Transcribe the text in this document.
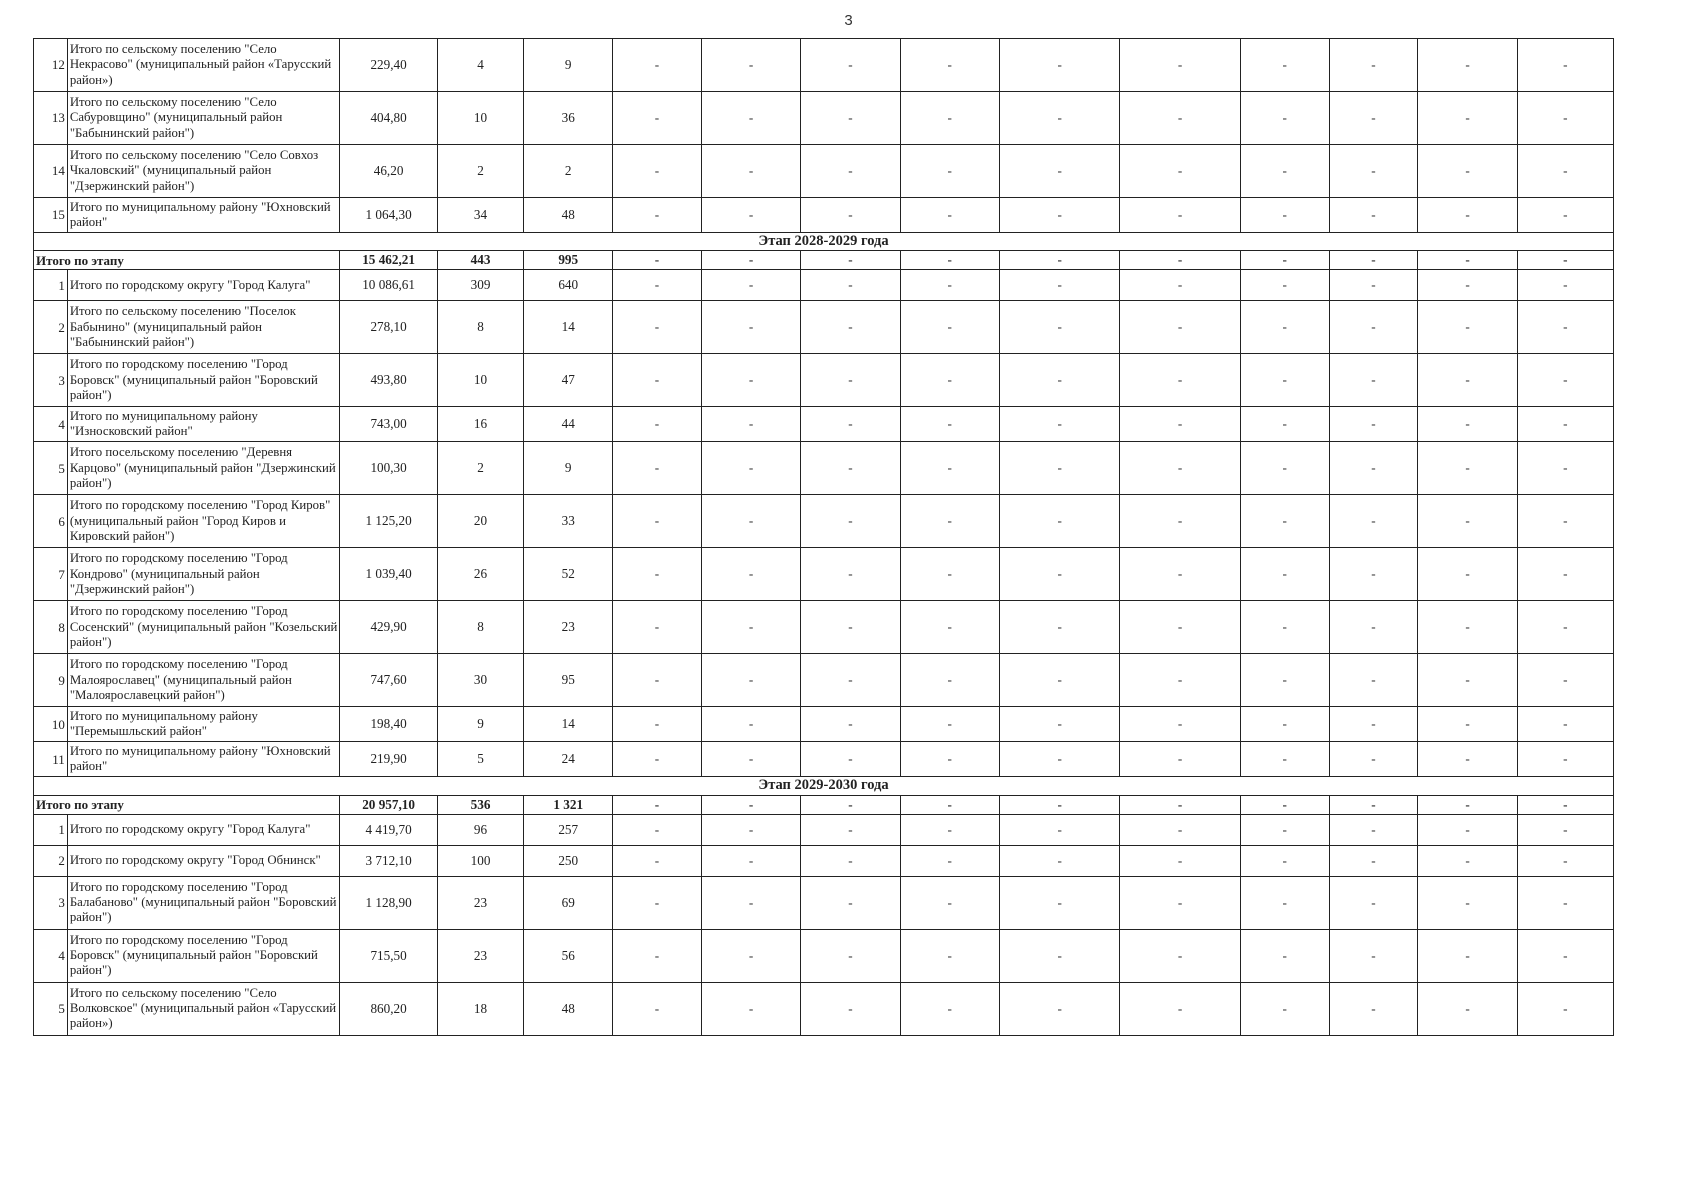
3
12	Итого по сельскому поселению "Село Некрасово" (муниципальный район «Тарусский район»)	229,40	4	9	-	-	-	-	-	-	-	-	-	-
13	Итого по сельскому поселению "Село Сабуровщино" (муниципальный район "Бабынинский район")	404,80	10	36	-	-	-	-	-	-	-	-	-	-
14	Итого по сельскому поселению "Село Совхоз Чкаловский" (муниципальный район "Дзержинский район")	46,20	2	2	-	-	-	-	-	-	-	-	-	-
15	Итого по муниципальному району "Юхновский район"	1 064,30	34	48	-	-	-	-	-	-	-	-	-	-
Этап 2028-2029 года														
Итого по этапу		15 462,21	443	995	-	-	-	-	-	-	-	-	-	-
1	Итого по городскому округу "Город Калуга"	10 086,61	309	640	-	-	-	-	-	-	-	-	-	-
2	Итого по сельскому поселению "Поселок Бабынино" (муниципальный район "Бабынинский район")	278,10	8	14	-	-	-	-	-	-	-	-	-	-
3	Итого по городскому поселению "Город Боровск" (муниципальный район "Боровский район")	493,80	10	47	-	-	-	-	-	-	-	-	-	-
4	Итого по муниципальному району "Износковский район"	743,00	16	44	-	-	-	-	-	-	-	-	-	-
5	Итого посельскому поселению "Деревня Карцово" (муниципальный район "Дзержинский район")	100,30	2	9	-	-	-	-	-	-	-	-	-	-
6	Итого по городскому поселению "Город Киров" (муниципальный район "Город Киров и Кировский район")	1 125,20	20	33	-	-	-	-	-	-	-	-	-	-
7	Итого по городскому поселению "Город Кондрово" (муниципальный район "Дзержинский район")	1 039,40	26	52	-	-	-	-	-	-	-	-	-	-
8	Итого по городскому поселению "Город Сосенский" (муниципальный район "Козельский район")	429,90	8	23	-	-	-	-	-	-	-	-	-	-
9	Итого по городскому поселению "Город Малоярославец" (муниципальный район "Малоярославецкий район")	747,60	30	95	-	-	-	-	-	-	-	-	-	-
10	Итого по муниципальному району "Перемышльский район"	198,40	9	14	-	-	-	-	-	-	-	-	-	-
11	Итого по муниципальному району "Юхновский район"	219,90	5	24	-	-	-	-	-	-	-	-	-	-
Этап 2029-2030 года														
Итого по этапу		20 957,10	536	1 321	-	-	-	-	-	-	-	-	-	-
1	Итого по городскому округу "Город Калуга"	4 419,70	96	257	-	-	-	-	-	-	-	-	-	-
2	Итого по городскому округу "Город Обнинск"	3 712,10	100	250	-	-	-	-	-	-	-	-	-	-
3	Итого по городскому поселению "Город Балабаново" (муниципальный район "Боровский район")	1 128,90	23	69	-	-	-	-	-	-	-	-	-	-
4	Итого по городскому поселению "Город Боровск" (муниципальный район "Боровский район")	715,50	23	56	-	-	-	-	-	-	-	-	-	-
5	Итого по сельскому поселению "Село Волковское" (муниципальный район «Тарусский район»)	860,20	18	48	-	-	-	-	-	-	-	-	-	-
